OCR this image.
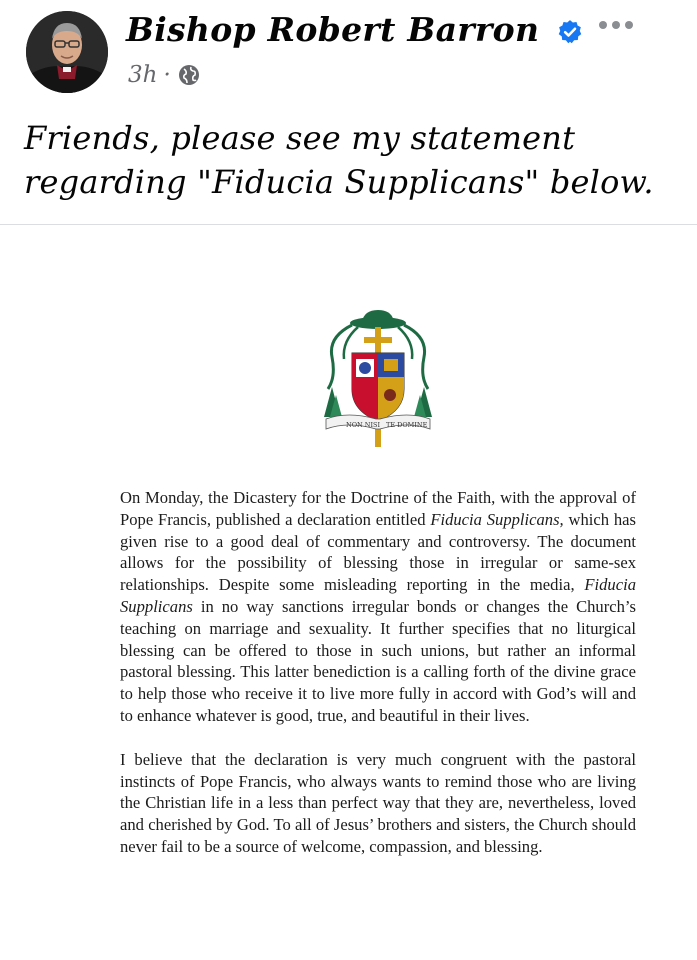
Bishop Robert Barron
3h ·
Friends, please see my statement
regarding "Fiducia Supplicans" below.
NON NISI TE DOMINE

On Monday, the Dicastery for the Doctrine of the Faith, with the approval of Pope Francis, published a declaration entitled Fiducia Supplicans, which has given rise to a good deal of commentary and controversy. The document allows for the possibility of blessing those in irregular or same-sex relationships. Despite some misleading reporting in the media, Fiducia Supplicans in no way sanctions irregular bonds or changes the Church’s teaching on marriage and sexuality. It further specifies that no liturgical blessing can be offered to those in such unions, but rather an informal pastoral blessing. This latter benediction is a calling forth of the divine grace to help those who receive it to live more fully in accord with God’s will and to enhance whatever is good, true, and beautiful in their lives.

I believe that the declaration is very much congruent with the pastoral instincts of Pope Francis, who always wants to remind those who are living the Christian life in a less than perfect way that they are, nevertheless, loved and cherished by God. To all of Jesus’ brothers and sisters, the Church should never fail to be a source of welcome, compassion, and blessing.
